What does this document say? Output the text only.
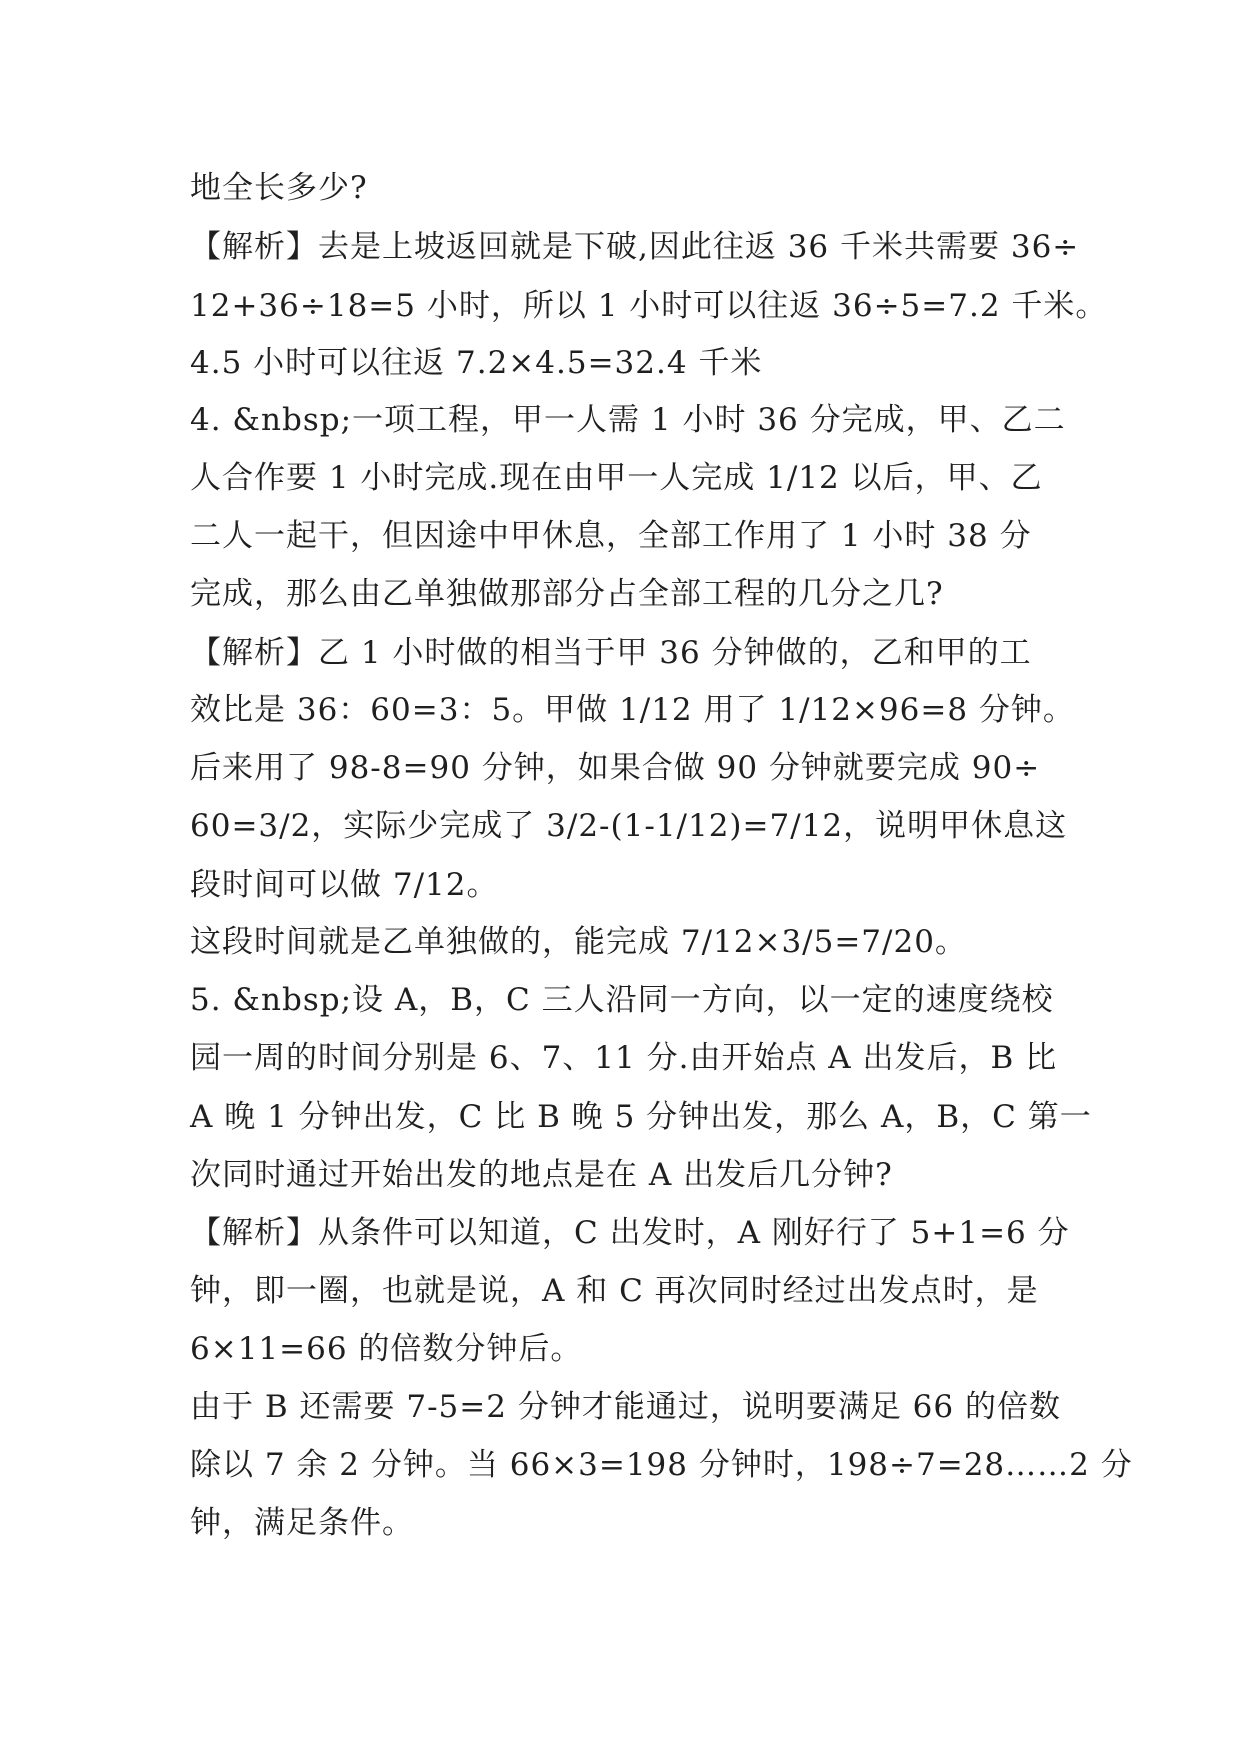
地全长多少?
【解析】去是上坡返回就是下破,因此往返 36 千米共需要 36÷
12+36÷18=5 小时，所以 1 小时可以往返 36÷5=7.2 千米。
4.5 小时可以往返 7.2×4.5=32.4 千米
4. &nbsp;一项工程，甲一人需 1 小时 36 分完成，甲、乙二
人合作要 1 小时完成.现在由甲一人完成 1/12 以后，甲、乙
二人一起干，但因途中甲休息，全部工作用了 1 小时 38 分
完成，那么由乙单独做那部分占全部工程的几分之几?
【解析】乙 1 小时做的相当于甲 36 分钟做的，乙和甲的工
效比是 36：60=3：5。甲做 1/12 用了 1/12×96=8 分钟。
后来用了 98-8=90 分钟，如果合做 90 分钟就要完成 90÷
60=3/2，实际少完成了 3/2-(1-1/12)=7/12，说明甲休息这
段时间可以做 7/12。
这段时间就是乙单独做的，能完成 7/12×3/5=7/20。
5. &nbsp;设 A，B，C 三人沿同一方向，以一定的速度绕校
园一周的时间分别是 6、7、11 分.由开始点 A 出发后，B 比
A 晚 1 分钟出发，C 比 B 晚 5 分钟出发，那么 A，B，C 第一
次同时通过开始出发的地点是在 A 出发后几分钟?
【解析】从条件可以知道，C 出发时，A 刚好行了 5+1=6 分
钟，即一圈，也就是说，A 和 C 再次同时经过出发点时，是
6×11=66 的倍数分钟后。
由于 B 还需要 7-5=2 分钟才能通过，说明要满足 66 的倍数
除以 7 余 2 分钟。当 66×3=198 分钟时，198÷7=28……2 分
钟，满足条件。
